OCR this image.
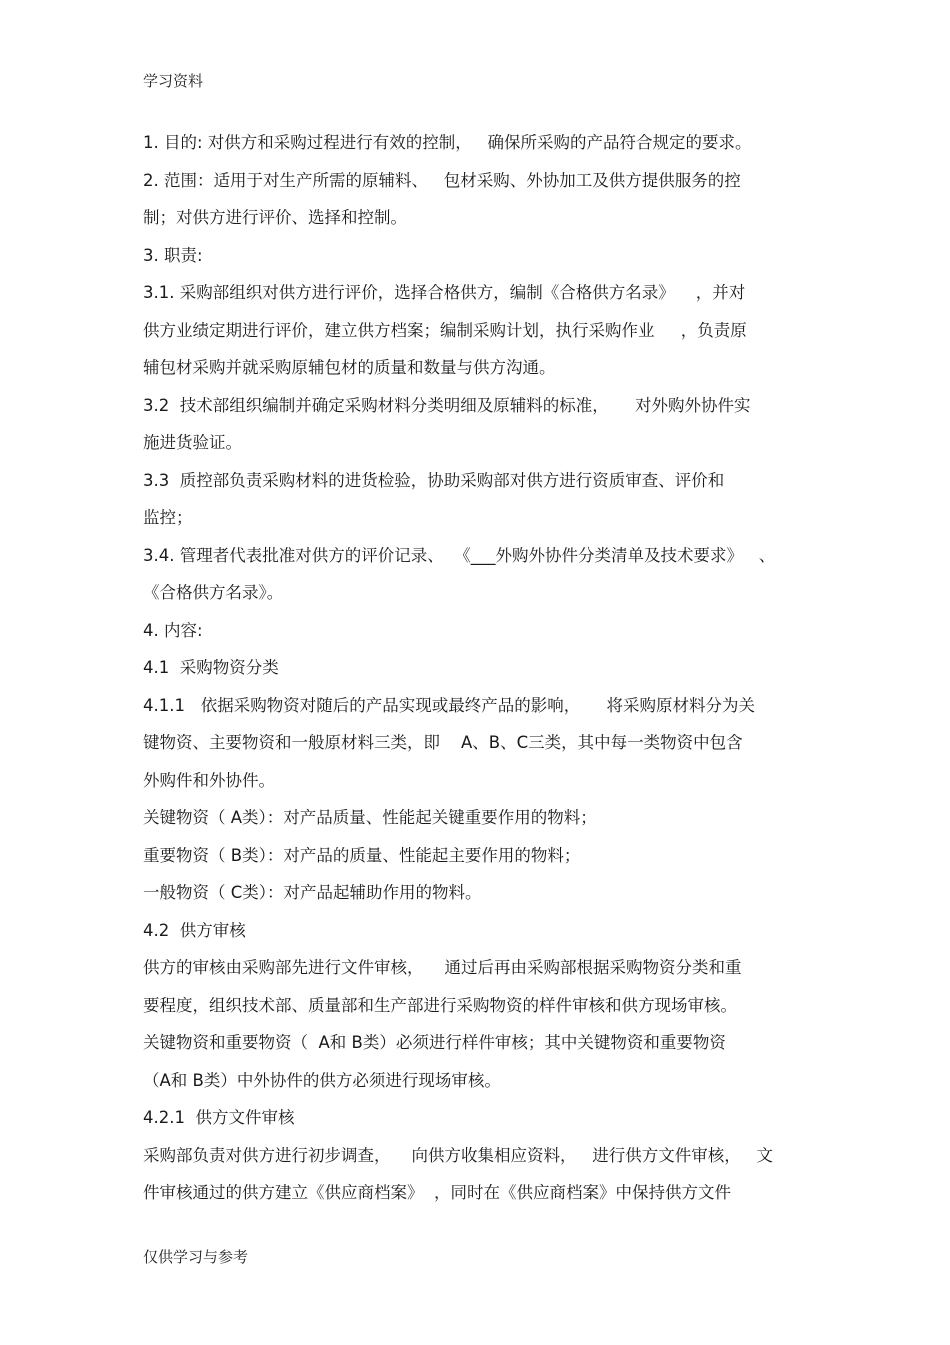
学习资料
1. 目的: 对供方和采购过程进行有效的控制，   确保所采购的产品符合规定的要求。
2. 范围：适用于对生产所需的原辅料、   包材采购、外协加工及供方提供服务的控
制；对供方进行评价、选择和控制。
3. 职责:
3.1. 采购部组织对供方进行评价，选择合格供方，编制《合格供方名录》    ，并对
供方业绩定期进行评价，建立供方档案；编制采购计划，执行采购作业     ，负责原
辅包材采购并就采购原辅包材的质量和数量与供方沟通。
3.2  技术部组织编制并确定采购材料分类明细及原辅料的标准，     对外购外协件实
施进货验证。
3.3  质控部负责采购材料的进货检验，协助采购部对供方进行资质审查、评价和
监控；
3.4. 管理者代表批准对供方的评价记录、  《___外购外协件分类清单及技术要求》   、
《合格供方名录》。
4. 内容:
4.1  采购物资分类
4.1.1   依据采购物资对随后的产品实现或最终产品的影响，     将采购原材料分为关
键物资、主要物资和一般原材料三类，即    A、B、C三类，其中每一类物资中包含
外购件和外协件。
关键物资（ A类）：对产品质量、性能起关键重要作用的物料；
重要物资（ B类）：对产品的质量、性能起主要作用的物料；
一般物资（ C类）：对产品起辅助作用的物料。
4.2  供方审核
供方的审核由采购部先进行文件审核，    通过后再由采购部根据采购物资分类和重
要程度，组织技术部、质量部和生产部进行采购物资的样件审核和供方现场审核。
关键物资和重要物资（  A和 B类）必须进行样件审核；其中关键物资和重要物资
（A和 B类）中外协件的供方必须进行现场审核。
4.2.1  供方文件审核
采购部负责对供方进行初步调查，    向供方收集相应资料，   进行供方文件审核，   文
件审核通过的供方建立《供应商档案》  ，同时在《供应商档案》中保持供方文件
仅供学习与参考
